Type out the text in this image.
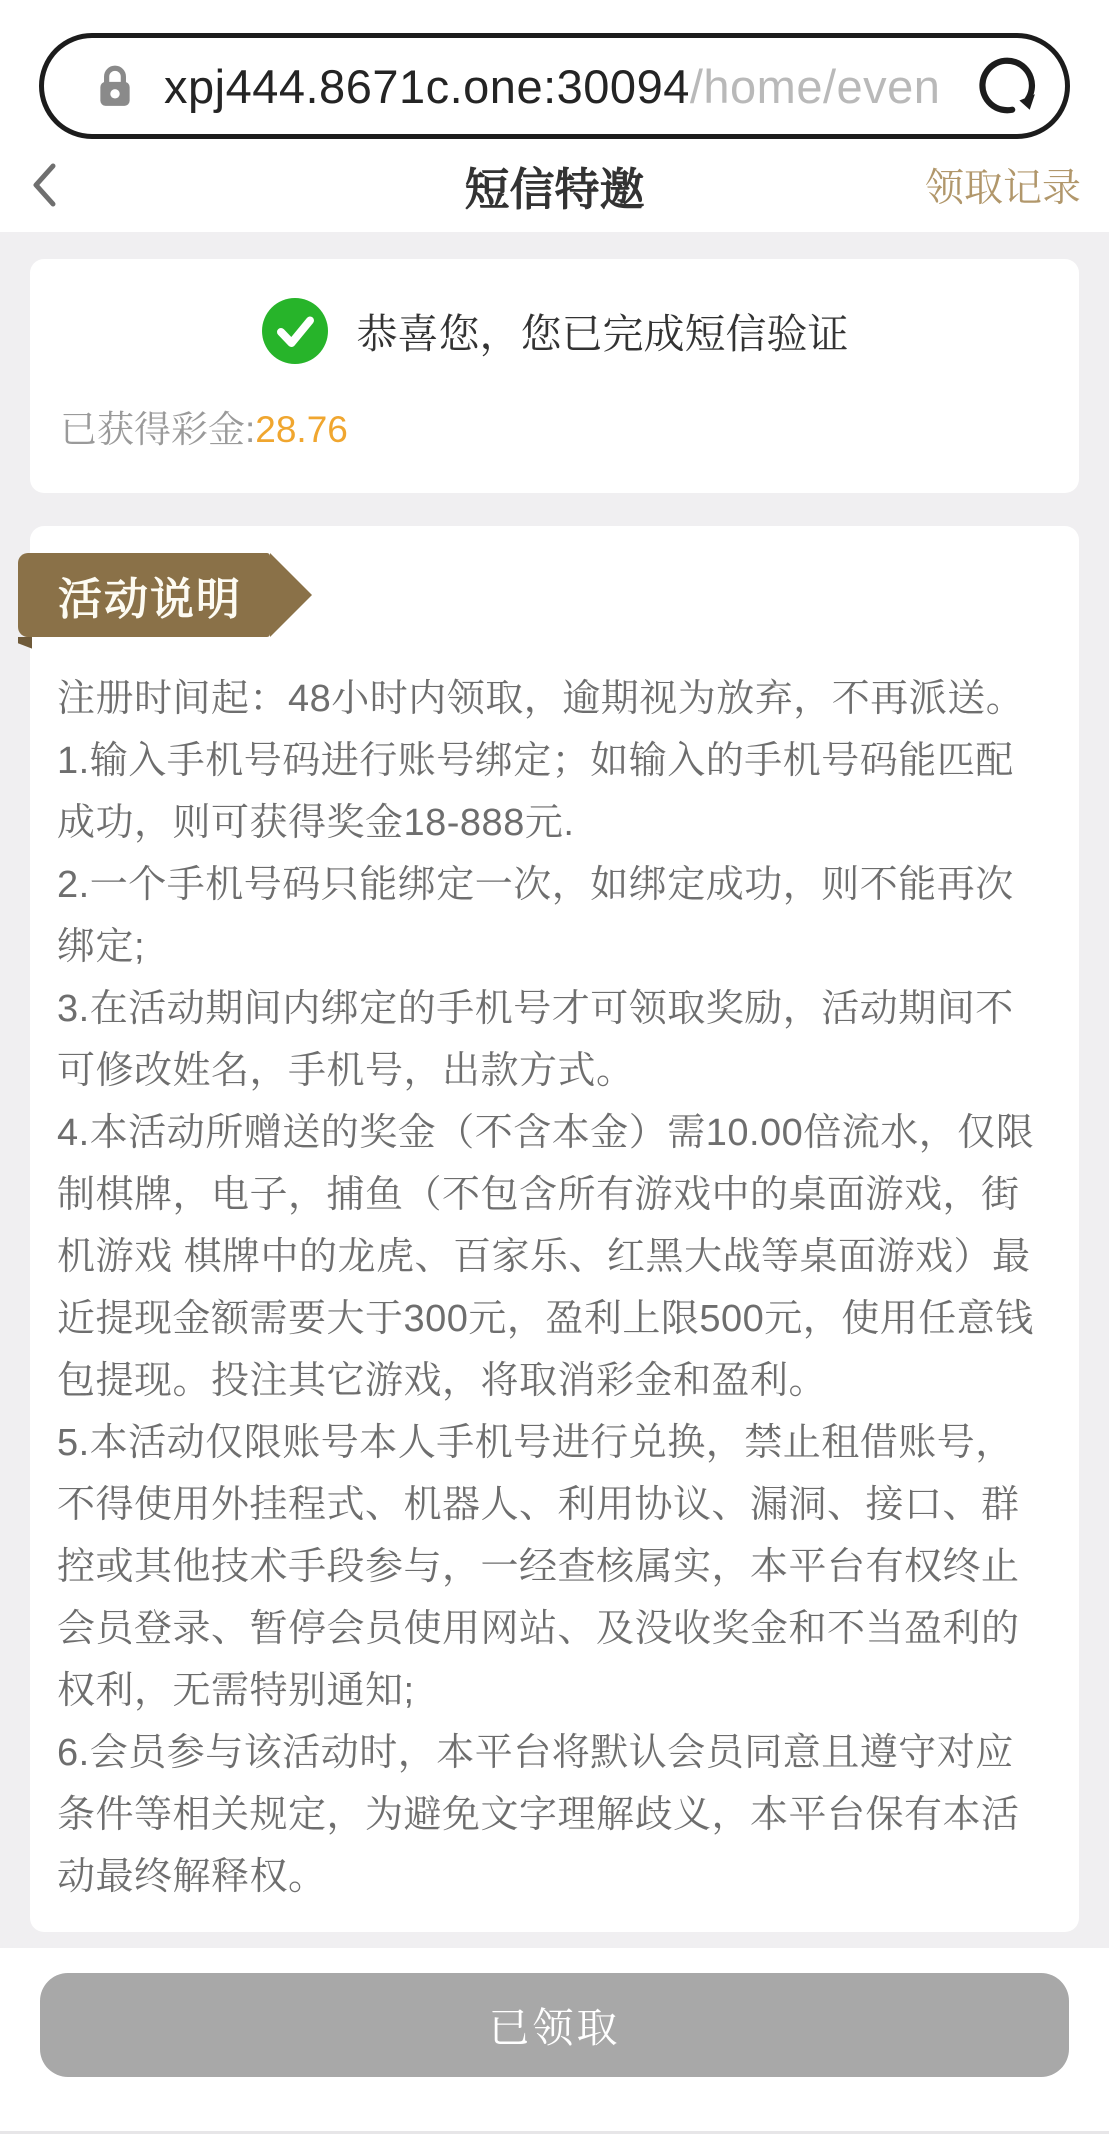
xpj444.8671c.one:30094/home/even
短信特邀	领取记录
恭喜您，您已完成短信验证
已获得彩金:28.76
活动说明

注册时间起：48小时内领取，逾期视为放弃，不再派送。

1.输入手机号码进行账号绑定；如输入的手机号码能匹配成功，则可获得奖金18-888元.

2.一个手机号码只能绑定一次，如绑定成功，则不能再次绑定;

3.在活动期间内绑定的手机号才可领取奖励，活动期间不可修改姓名，手机号，出款方式。

4.本活动所赠送的奖金（不含本金）需10.00倍流水，仅限制棋牌，电子，捕鱼（不包含所有游戏中的桌面游戏，街机游戏 棋牌中的龙虎、百家乐、红黑大战等桌面游戏）最近提现金额需要大于300元，盈利上限500元，使用任意钱包提现。投注其它游戏，将取消彩金和盈利。

5.本活动仅限账号本人手机号进行兑换，禁止租借账号，不得使用外挂程式、机器人、利用协议、漏洞、接口、群控或其他技术手段参与，一经查核属实，本平台有权终止会员登录、暂停会员使用网站、及没收奖金和不当盈利的权利，无需特别通知;

6.会员参与该活动时，本平台将默认会员同意且遵守对应条件等相关规定，为避免文字理解歧义，本平台保有本活动最终解释权。

已领取
